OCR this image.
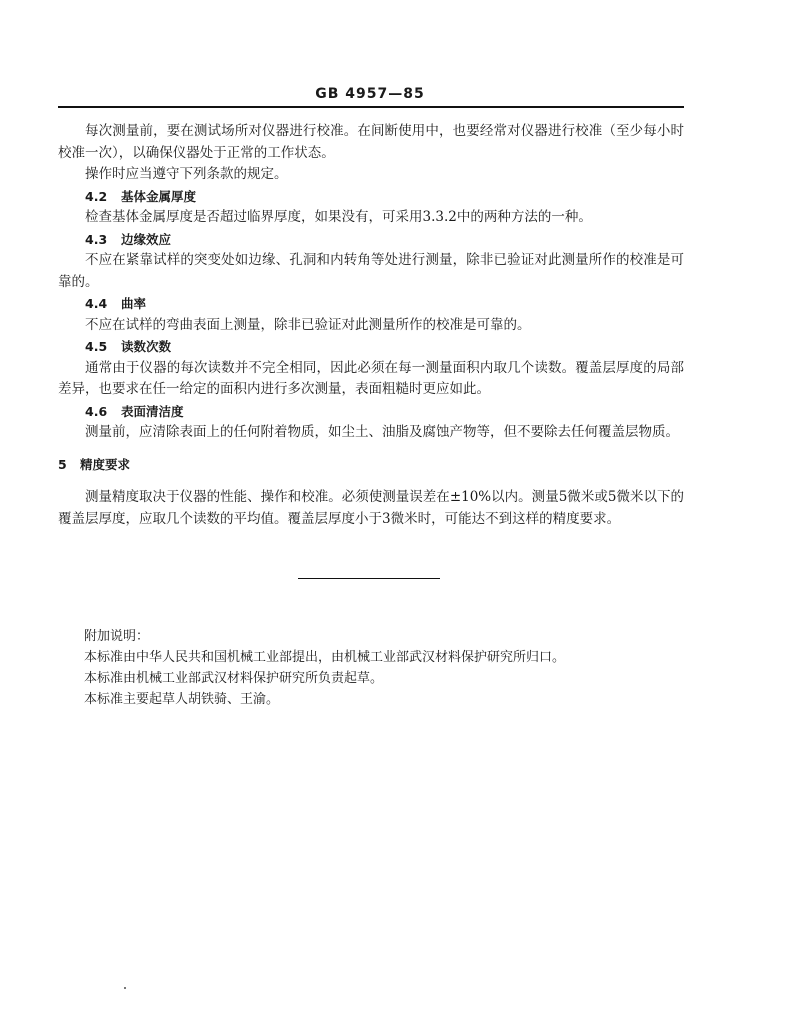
GB 4957—85

每次测量前，要在测试场所对仪器进行校准。在间断使用中，也要经常对仪器进行校准（至少每小时校准一次），以确保仪器处于正常的工作状态。

操作时应当遵守下列条款的规定。

4.2 基体金属厚度

检查基体金属厚度是否超过临界厚度，如果没有，可采用3.3.2中的两种方法的一种。

4.3 边缘效应

不应在紧靠试样的突变处如边缘、孔洞和内转角等处进行测量，除非已验证对此测量所作的校准是可靠的。

4.4 曲率

不应在试样的弯曲表面上测量，除非已验证对此测量所作的校准是可靠的。

4.5 读数次数

通常由于仪器的每次读数并不完全相同，因此必须在每一测量面积内取几个读数。覆盖层厚度的局部差异，也要求在任一给定的面积内进行多次测量，表面粗糙时更应如此。

4.6 表面清洁度

测量前，应清除表面上的任何附着物质，如尘土、油脂及腐蚀产物等，但不要除去任何覆盖层物质。

5 精度要求

测量精度取决于仪器的性能、操作和校准。必须使测量误差在±10%以内。测量5微米或5微米以下的覆盖层厚度，应取几个读数的平均值。覆盖层厚度小于3微米时，可能达不到这样的精度要求。

附加说明：
本标准由中华人民共和国机械工业部提出，由机械工业部武汉材料保护研究所归口。
本标准由机械工业部武汉材料保护研究所负责起草。
本标准主要起草人胡铁骑、王渝。
